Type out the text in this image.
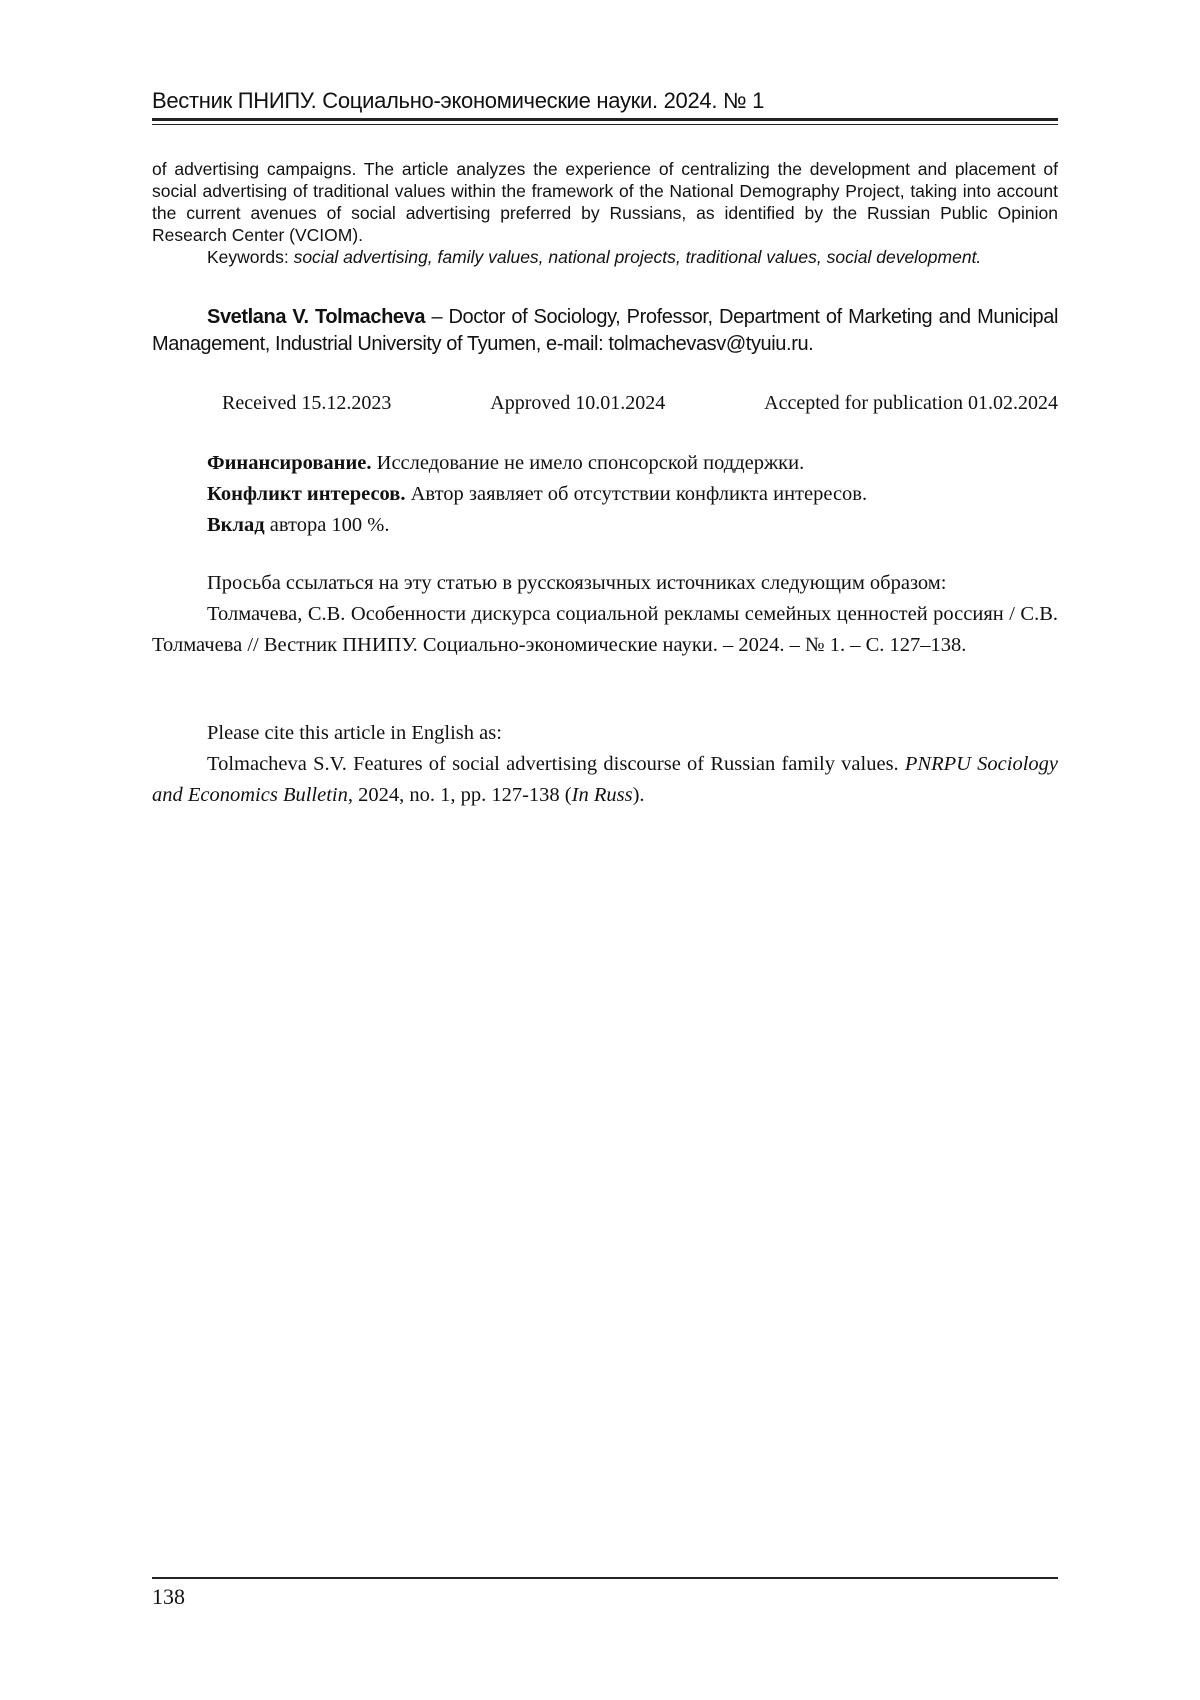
Вестник ПНИПУ. Социально-экономические науки. 2024. № 1

of advertising campaigns. The article analyzes the experience of centralizing the development and placement of social advertising of traditional values within the framework of the National Demography Project, taking into account the current avenues of social advertising preferred by Russians, as identified by the Russian Public Opinion Research Center (VCIOM).

Keywords: social advertising, family values, national projects, traditional values, social development.

Svetlana V. Tolmacheva – Doctor of Sociology, Professor, Department of Marketing and Municipal Management, Industrial University of Tyumen, e-mail: tolmachevasv@tyuiu.ru.

Received 15.12.2023	Approved 10.01.2024	Accepted for publication 01.02.2024

Финансирование. Исследование не имело спонсорской поддержки.

Конфликт интересов. Автор заявляет об отсутствии конфликта интересов.

Вклад автора 100 %.

Просьба ссылаться на эту статью в русскоязычных источниках следующим образом:

Толмачева, С.В. Особенности дискурса социальной рекламы семейных ценностей россиян / С.В. Толмачева // Вестник ПНИПУ. Социально-экономические науки. – 2024. – № 1. – С. 127–138.

Please cite this article in English as:

Tolmacheva S.V. Features of social advertising discourse of Russian family values. PNRPU Sociology and Economics Bulletin, 2024, no. 1, pp. 127-138 (In Russ).

138
